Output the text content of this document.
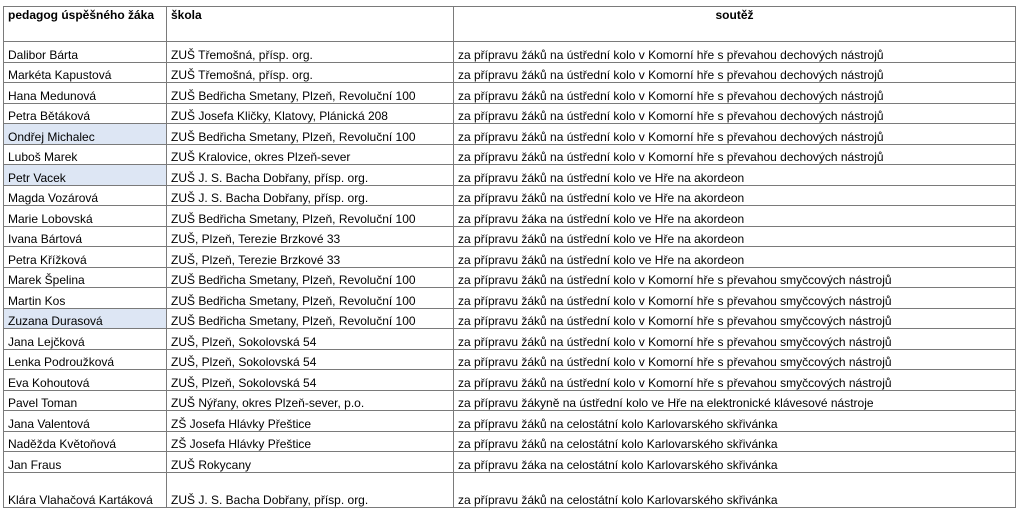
pedagog úspěšného žáka	škola	soutěž
Dalibor Bárta	ZUŠ Třemošná, přísp. org.	za přípravu žáků na ústřední kolo v Komorní hře s převahou dechových nástrojů
Markéta Kapustová	ZUŠ Třemošná, přísp. org.	za přípravu žáků na ústřední kolo v Komorní hře s převahou dechových nástrojů
Hana Medunová	ZUŠ Bedřicha Smetany, Plzeň, Revoluční 100	za přípravu žáků na ústřední kolo v Komorní hře s převahou dechových nástrojů
Petra Bětáková	ZUŠ Josefa Kličky, Klatovy, Plánická 208	za přípravu žáků na ústřední kolo v Komorní hře s převahou dechových nástrojů
Ondřej Michalec	ZUŠ Bedřicha Smetany, Plzeň, Revoluční 100	za přípravu žáků na ústřední kolo v Komorní hře s převahou dechových nástrojů
Luboš Marek	ZUŠ Kralovice, okres Plzeň-sever	za přípravu žáků na ústřední kolo v Komorní hře s převahou dechových nástrojů
Petr Vacek	ZUŠ J. S. Bacha Dobřany, přísp. org.	za přípravu žáků na ústřední kolo ve Hře na akordeon
Magda Vozárová	ZUŠ J. S. Bacha Dobřany, přísp. org.	za přípravu žáků na ústřední kolo ve Hře na akordeon
Marie Lobovská	ZUŠ Bedřicha Smetany, Plzeň, Revoluční 100	za přípravu žáka na ústřední kolo ve Hře na akordeon
Ivana Bártová	ZUŠ, Plzeň, Terezie Brzkové 33	za přípravu žáků na ústřední kolo ve Hře na akordeon
Petra Křížková	ZUŠ, Plzeň, Terezie Brzkové 33	za přípravu žáků na ústřední kolo ve Hře na akordeon
Marek Špelina	ZUŠ Bedřicha Smetany, Plzeň, Revoluční 100	za přípravu žáků na ústřední kolo v Komorní hře s převahou smyčcových nástrojů
Martin Kos	ZUŠ Bedřicha Smetany, Plzeň, Revoluční 100	za přípravu žáků na ústřední kolo v Komorní hře s převahou smyčcových nástrojů
Zuzana Durasová	ZUŠ Bedřicha Smetany, Plzeň, Revoluční 100	za přípravu žáků na ústřední kolo v Komorní hře s převahou smyčcových nástrojů
Jana Lejčková	ZUŠ, Plzeň, Sokolovská 54	za přípravu žáků na ústřední kolo v Komorní hře s převahou smyčcových nástrojů
Lenka Podroužková	ZUŠ, Plzeň, Sokolovská 54	za přípravu žáků na ústřední kolo v Komorní hře s převahou smyčcových nástrojů
Eva Kohoutová	ZUŠ, Plzeň, Sokolovská 54	za přípravu žáků na ústřední kolo v Komorní hře s převahou smyčcových nástrojů
Pavel Toman	ZUŠ Nýřany, okres Plzeň-sever, p.o.	za přípravu žákyně na ústřední kolo ve Hře na elektronické klávesové nástroje
Jana Valentová	ZŠ Josefa Hlávky Přeštice	za přípravu žáků na celostátní kolo Karlovarského skřivánka
Naděžda Květoňová	ZŠ Josefa Hlávky Přeštice	za přípravu žáků na celostátní kolo Karlovarského skřivánka
Jan Fraus	ZUŠ Rokycany	za přípravu žáka na celostátní kolo Karlovarského skřivánka
Klára Vlahačová Kartáková	ZUŠ J. S. Bacha Dobřany, přísp. org.	za přípravu žáků na celostátní kolo Karlovarského skřivánka
